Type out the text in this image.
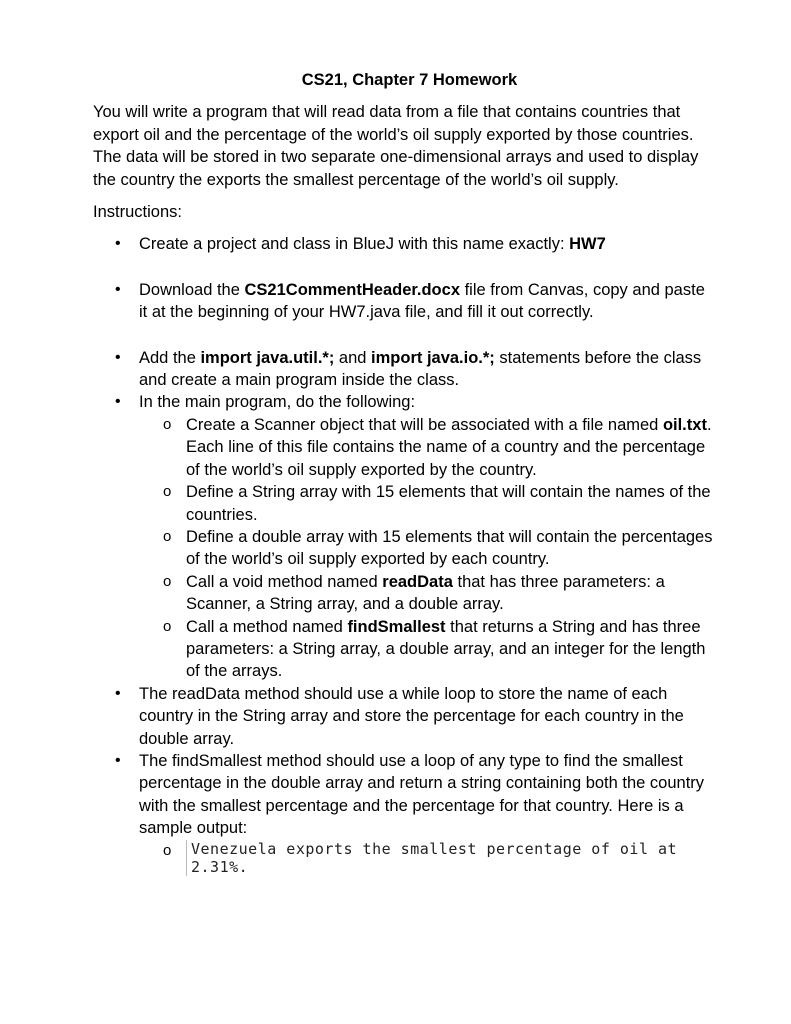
CS21, Chapter 7 Homework
You will write a program that will read data from a file that contains countries that export oil and the percentage of the world’s oil supply exported by those countries. The data will be stored in two separate one-dimensional arrays and used to display the country the exports the smallest percentage of the world’s oil supply.
Instructions:
• Create a project and class in BlueJ with this name exactly: HW7
• Download the CS21CommentHeader.docx file from Canvas, copy and paste it at the beginning of your HW7.java file, and fill it out correctly.
• Add the import java.util.*; and import java.io.*; statements before the class and create a main program inside the class.
• In the main program, do the following:
o Create a Scanner object that will be associated with a file named oil.txt. Each line of this file contains the name of a country and the percentage of the world’s oil supply exported by the country.
o Define a String array with 15 elements that will contain the names of the countries.
o Define a double array with 15 elements that will contain the percentages of the world’s oil supply exported by each country.
o Call a void method named readData that has three parameters: a Scanner, a String array, and a double array.
o Call a method named findSmallest that returns a String and has three parameters: a String array, a double array, and an integer for the length of the arrays.
• The readData method should use a while loop to store the name of each country in the String array and store the percentage for each country in the double array.
• The findSmallest method should use a loop of any type to find the smallest percentage in the double array and return a string containing both the country with the smallest percentage and the percentage for that country. Here is a sample output:
o Venezuela exports the smallest percentage of oil at 2.31%.
